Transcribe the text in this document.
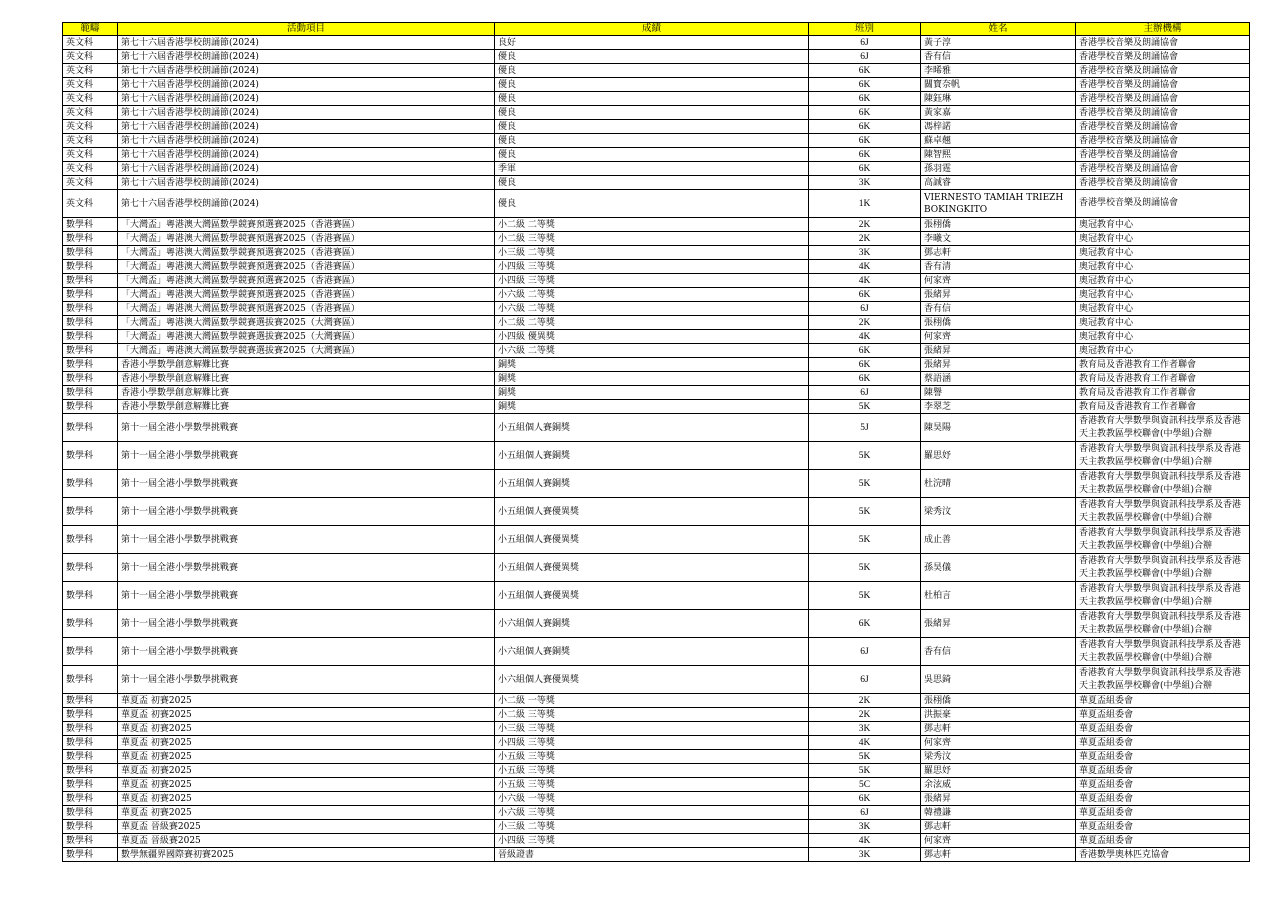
範疇	活動項目	成績	班別	姓名	主辦機構
英文科	第七十六屆香港學校朗誦節(2024)	良好	6J	黃子淳	香港學校音樂及朗誦協會
英文科	第七十六屆香港學校朗誦節(2024)	優良	6J	香有信	香港學校音樂及朗誦協會
英文科	第七十六屆香港學校朗誦節(2024)	優良	6K	李晞雅	香港學校音樂及朗誦協會
英文科	第七十六屆香港學校朗誦節(2024)	優良	6K	關寶奈帆	香港學校音樂及朗誦協會
英文科	第七十六屆香港學校朗誦節(2024)	優良	6K	陳鈺琳	香港學校音樂及朗誦協會
英文科	第七十六屆香港學校朗誦節(2024)	優良	6K	黃家嘉	香港學校音樂及朗誦協會
英文科	第七十六屆香港學校朗誦節(2024)	優良	6K	馮梓諾	香港學校音樂及朗誦協會
英文科	第七十六屆香港學校朗誦節(2024)	優良	6K	蘇卓翹	香港學校音樂及朗誦協會
英文科	第七十六屆香港學校朗誦節(2024)	優良	6K	陳智熙	香港學校音樂及朗誦協會
英文科	第七十六屆香港學校朗誦節(2024)	季軍	6K	孫羽霆	香港學校音樂及朗誦協會
英文科	第七十六屆香港學校朗誦節(2024)	優良	3K	高誠睿	香港學校音樂及朗誦協會
英文科	第七十六屆香港學校朗誦節(2024)	優良	1K	VIERNESTO TAMIAH TRIEZH BOKINGKITO	香港學校音樂及朗誦協會
數學科	「大灣盃」粵港澳大灣區數學競賽預選賽2025（香港賽區）	小二級 二等獎	2K	張栩僑	奧冠教育中心
數學科	「大灣盃」粵港澳大灣區數學競賽預選賽2025（香港賽區）	小二級 三等獎	2K	李曦文	奧冠教育中心
數學科	「大灣盃」粵港澳大灣區數學競賽預選賽2025（香港賽區）	小三級 二等獎	3K	鄧志軒	奧冠教育中心
數學科	「大灣盃」粵港澳大灣區數學競賽預選賽2025（香港賽區）	小四級 三等獎	4K	香有清	奧冠教育中心
數學科	「大灣盃」粵港澳大灣區數學競賽預選賽2025（香港賽區）	小四級 三等獎	4K	何家齊	奧冠教育中心
數學科	「大灣盃」粵港澳大灣區數學競賽預選賽2025（香港賽區）	小六級 二等獎	6K	張緒昇	奧冠教育中心
數學科	「大灣盃」粵港澳大灣區數學競賽預選賽2025（香港賽區）	小六級 二等獎	6J	香有信	奧冠教育中心
數學科	「大灣盃」粵港澳大灣區數學競賽選拔賽2025（大灣賽區）	小二級 二等獎	2K	張栩僑	奧冠教育中心
數學科	「大灣盃」粵港澳大灣區數學競賽選拔賽2025（大灣賽區）	小四級 優異獎	4K	何家齊	奧冠教育中心
數學科	「大灣盃」粵港澳大灣區數學競賽選拔賽2025（大灣賽區）	小六級 二等獎	6K	張緒昇	奧冠教育中心
數學科	香港小學數學創意解難比賽	銅獎	6K	張緒昇	教育局及香港教育工作者聯會
數學科	香港小學數學創意解難比賽	銅獎	6K	蔡語涵	教育局及香港教育工作者聯會
數學科	香港小學數學創意解難比賽	銅獎	6J	陳譽	教育局及香港教育工作者聯會
數學科	香港小學數學創意解難比賽	銅獎	5K	李翠芝	教育局及香港教育工作者聯會
數學科	第十一屆全港小學數學挑戰賽	小五組個人賽銅獎	5J	陳昊陽	香港教育大學數學與資訊科技學系及香港天主教教區學校聯會(中學組)合辦
數學科	第十一屆全港小學數學挑戰賽	小五組個人賽銅獎	5K	羅思妤	香港教育大學數學與資訊科技學系及香港天主教教區學校聯會(中學組)合辦
數學科	第十一屆全港小學數學挑戰賽	小五組個人賽銅獎	5K	杜浣晴	香港教育大學數學與資訊科技學系及香港天主教教區學校聯會(中學組)合辦
數學科	第十一屆全港小學數學挑戰賽	小五組個人賽優異獎	5K	梁秀汶	香港教育大學數學與資訊科技學系及香港天主教教區學校聯會(中學組)合辦
數學科	第十一屆全港小學數學挑戰賽	小五組個人賽優異獎	5K	成止善	香港教育大學數學與資訊科技學系及香港天主教教區學校聯會(中學組)合辦
數學科	第十一屆全港小學數學挑戰賽	小五組個人賽優異獎	5K	孫昊儀	香港教育大學數學與資訊科技學系及香港天主教教區學校聯會(中學組)合辦
數學科	第十一屆全港小學數學挑戰賽	小五組個人賽優異獎	5K	杜柏言	香港教育大學數學與資訊科技學系及香港天主教教區學校聯會(中學組)合辦
數學科	第十一屆全港小學數學挑戰賽	小六組個人賽銅獎	6K	張緒昇	香港教育大學數學與資訊科技學系及香港天主教教區學校聯會(中學組)合辦
數學科	第十一屆全港小學數學挑戰賽	小六組個人賽銅獎	6J	香有信	香港教育大學數學與資訊科技學系及香港天主教教區學校聯會(中學組)合辦
數學科	第十一屆全港小學數學挑戰賽	小六組個人賽優異獎	6J	吳思錡	香港教育大學數學與資訊科技學系及香港天主教教區學校聯會(中學組)合辦
數學科	華夏盃 初賽2025	小二級 一等獎	2K	張栩僑	華夏盃組委會
數學科	華夏盃 初賽2025	小二級 三等獎	2K	洪振豪	華夏盃組委會
數學科	華夏盃 初賽2025	小三級 三等獎	3K	鄧志軒	華夏盃組委會
數學科	華夏盃 初賽2025	小四級 三等獎	4K	何家齊	華夏盃組委會
數學科	華夏盃 初賽2025	小五級 三等獎	5K	梁秀汶	華夏盃組委會
數學科	華夏盃 初賽2025	小五級 三等獎	5K	羅思妤	華夏盃組委會
數學科	華夏盃 初賽2025	小五級 三等獎	5C	余泫威	華夏盃組委會
數學科	華夏盃 初賽2025	小六級 一等獎	6K	張緒昇	華夏盃組委會
數學科	華夏盃 初賽2025	小六級 三等獎	6J	韓禮謙	華夏盃組委會
數學科	華夏盃 晉級賽2025	小三級 二等獎	3K	鄧志軒	華夏盃組委會
數學科	華夏盃 晉級賽2025	小四級 三等獎	4K	何家齊	華夏盃組委會
數學科	數學無疆界國際賽初賽2025	晉級證書	3K	鄧志軒	香港數學奧林匹克協會
